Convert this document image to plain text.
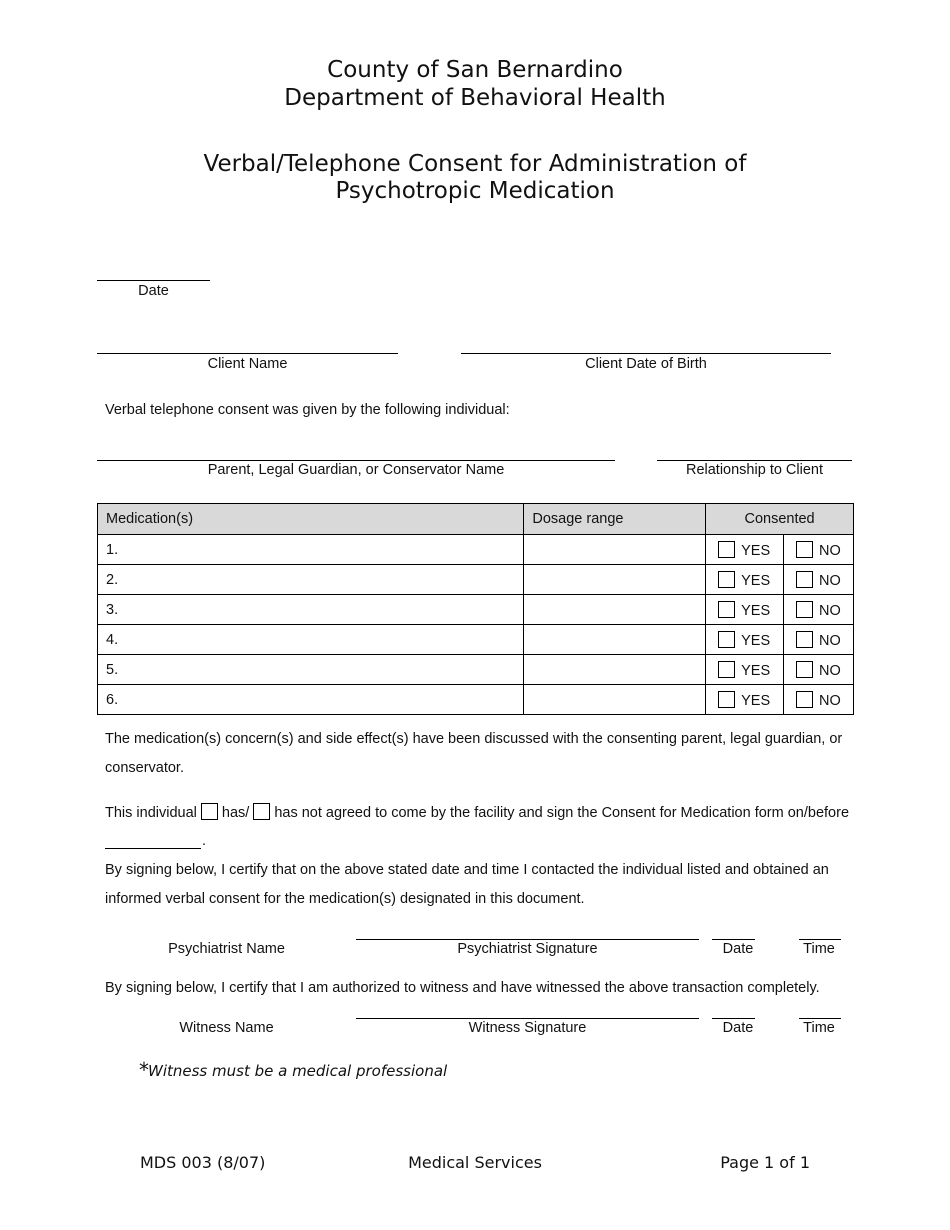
County of San Bernardino
Department of Behavioral Health
Verbal/Telephone Consent for Administration of
Psychotropic Medication
Date
Client Name	Client Date of Birth
Verbal telephone consent was given by the following individual:
Parent, Legal Guardian, or Conservator Name	Relationship to Client
Medication(s)	Dosage range	Consented	
1.		YES	NO
2.		YES	NO
3.		YES	NO
4.		YES	NO
5.		YES	NO
6.		YES	NO
The medication(s) concern(s) and side effect(s) have been discussed with the consenting parent, legal guardian, or
conservator.
This individual has/ has not agreed to come by the facility and sign the Consent for Medication form on/before
.
By signing below, I certify that on the above stated date and time I contacted the individual listed and obtained an
informed verbal consent for the medication(s) designated in this document.
Psychiatrist Name	Psychiatrist Signature	Date	Time
By signing below, I certify that I am authorized to witness and have witnessed the above transaction completely.
Witness Name	Witness Signature	Date	Time
* Witness must be a medical professional
MDS 003 (8/07)	Medical Services	Page 1 of 1
